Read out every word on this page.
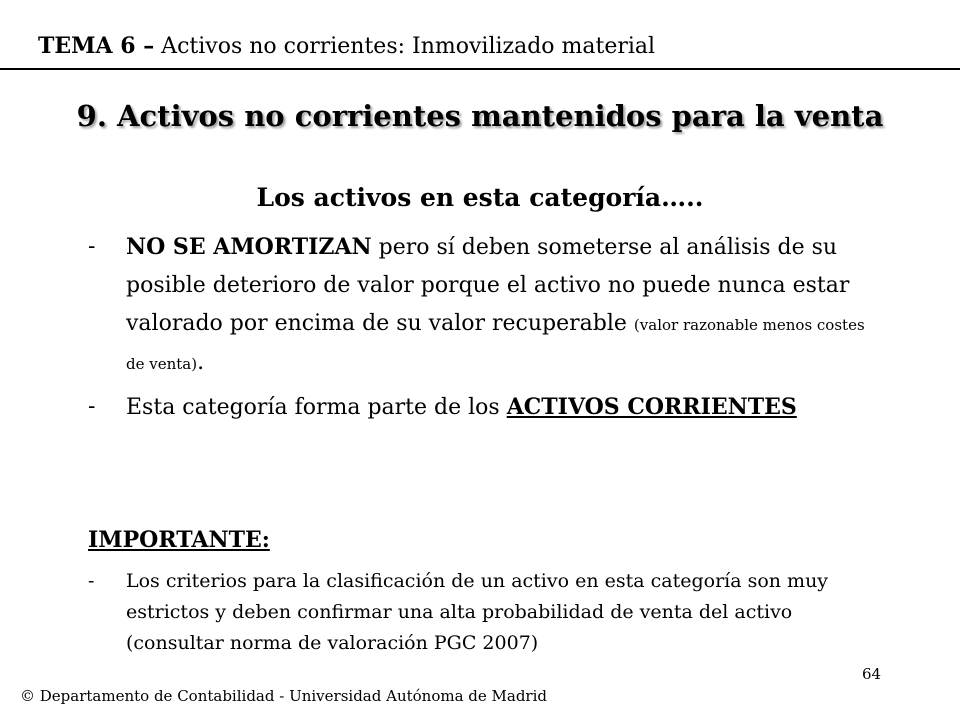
TEMA 6 – Activos no corrientes: Inmovilizado material
9. Activos no corrientes mantenidos para la venta
Los activos en esta categoría…..
- NO SE AMORTIZAN pero sí deben someterse al análisis de su posible deterioro de valor porque el activo no puede nunca estar valorado por encima de su valor recuperable (valor razonable menos costes de venta).
- Esta categoría forma parte de los ACTIVOS CORRIENTES
IMPORTANTE:
- Los criterios para la clasificación de un activo en esta categoría son muy estrictos y deben confirmar una alta probabilidad de venta del activo (consultar norma de valoración PGC 2007)
64
© Departamento de Contabilidad - Universidad Autónoma de Madrid
